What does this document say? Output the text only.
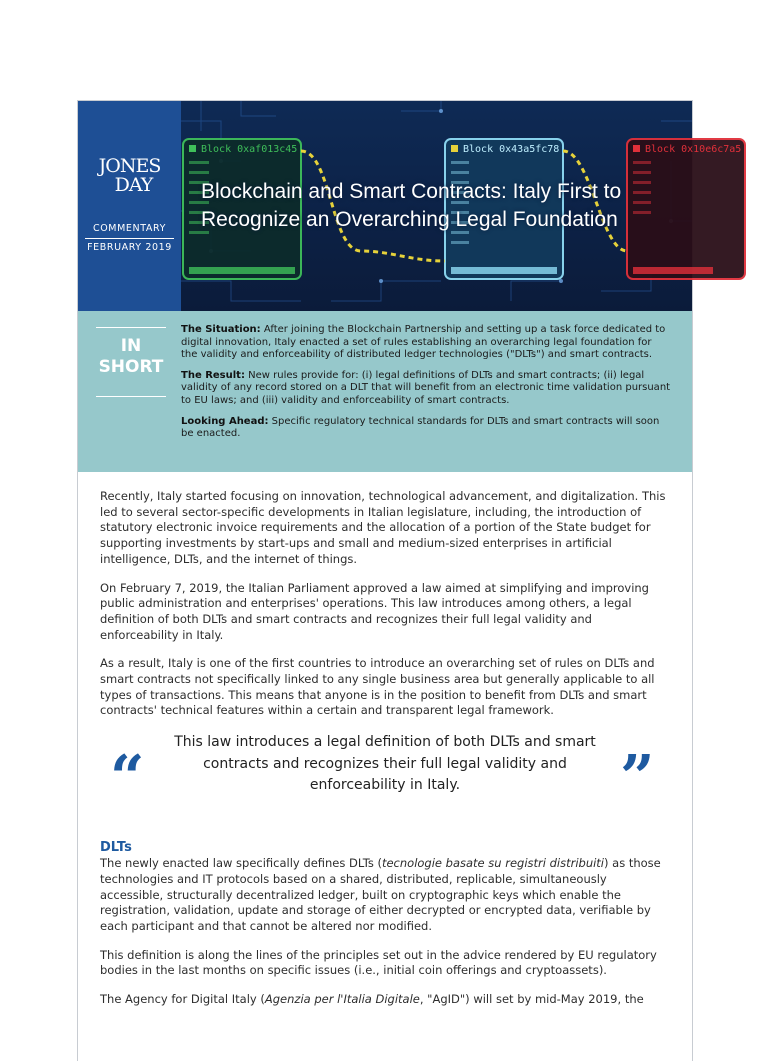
JONES
DAY
COMMENTARY
FEBRUARY 2019
Block 0xaf013c45	Block 0x43a5fc78	Block 0x10e6c7a5
Blockchain and Smart Contracts: Italy First to Recognize an Overarching Legal Foundation
IN
SHORT

The Situation: After joining the Blockchain Partnership and setting up a task force dedicated to digital innovation, Italy enacted a set of rules establishing an overarching legal foundation for the validity and enforceability of distributed ledger technologies ("DLTs") and smart contracts.

The Result: New rules provide for: (i) legal definitions of DLTs and smart contracts; (ii) legal validity of any record stored on a DLT that will benefit from an electronic time validation pursuant to EU laws; and (iii) validity and enforceability of smart contracts.

Looking Ahead: Specific regulatory technical standards for DLTs and smart contracts will soon be enacted.

Recently, Italy started focusing on innovation, technological advancement, and digitalization. This led to several sector-specific developments in Italian legislature, including, the introduction of statutory electronic invoice requirements and the allocation of a portion of the State budget for supporting investments by start-ups and small and medium-sized enterprises in artificial intelligence, DLTs, and the internet of things.

On February 7, 2019, the Italian Parliament approved a law aimed at simplifying and improving public administration and enterprises' operations. This law introduces among others, a legal definition of both DLTs and smart contracts and recognizes their full legal validity and enforceability in Italy.

As a result, Italy is one of the first countries to introduce an overarching set of rules on DLTs and smart contracts not specifically linked to any single business area but generally applicable to all types of transactions. This means that anyone is in the position to benefit from DLTs and smart contracts' technical features within a certain and transparent legal framework.

“
This law introduces a legal definition of both DLTs and smart contracts and recognizes their full legal validity and enforceability in Italy.	”
DLTs

The newly enacted law specifically defines DLTs (tecnologie basate su registri distribuiti) as those technologies and IT protocols based on a shared, distributed, replicable, simultaneously accessible, structurally decentralized ledger, built on cryptographic keys which enable the registration, validation, update and storage of either decrypted or encrypted data, verifiable by each participant and that cannot be altered nor modified.

This definition is along the lines of the principles set out in the advice rendered by EU regulatory bodies in the last months on specific issues (i.e., initial coin offerings and cryptoassets).

The Agency for Digital Italy (Agenzia per l'Italia Digitale, "AgID") will set by mid-May 2019, the
